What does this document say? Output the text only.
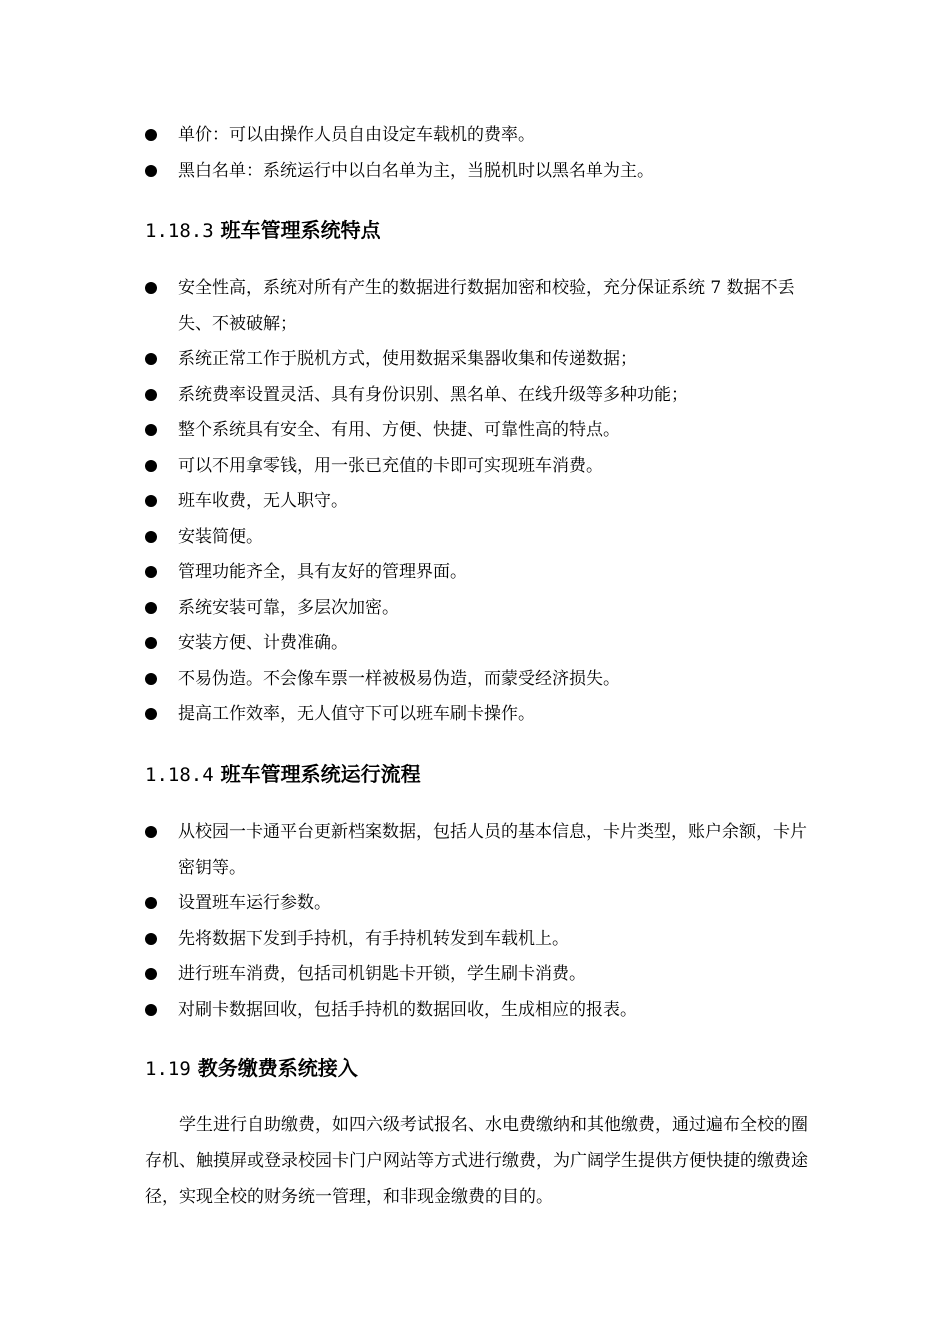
单价：可以由操作人员自由设定车载机的费率。
黑白名单：系统运行中以白名单为主，当脱机时以黑名单为主。
1.18.3 班车管理系统特点
安全性高，系统对所有产生的数据进行数据加密和校验，充分保证系统 7 数据不丢失、不被破解；
系统正常工作于脱机方式，使用数据采集器收集和传递数据；
系统费率设置灵活、具有身份识别、黑名单、在线升级等多种功能；
整个系统具有安全、有用、方便、快捷、可靠性高的特点。
可以不用拿零钱，用一张已充值的卡即可实现班车消费。
班车收费，无人职守。
安装简便。
管理功能齐全，具有友好的管理界面。
系统安装可靠，多层次加密。
安装方便、计费准确。
不易伪造。不会像车票一样被极易伪造，而蒙受经济损失。
提高工作效率，无人值守下可以班车刷卡操作。
1.18.4 班车管理系统运行流程
从校园一卡通平台更新档案数据，包括人员的基本信息，卡片类型，账户余额，卡片密钥等。
设置班车运行参数。
先将数据下发到手持机，有手持机转发到车载机上。
进行班车消费，包括司机钥匙卡开锁，学生刷卡消费。
对刷卡数据回收，包括手持机的数据回收，生成相应的报表。
1.19 教务缴费系统接入

学生进行自助缴费，如四六级考试报名、水电费缴纳和其他缴费，通过遍布全校的圈存机、触摸屏或登录校园卡门户网站等方式进行缴费，为广阔学生提供方便快捷的缴费途径，实现全校的财务统一管理，和非现金缴费的目的。
